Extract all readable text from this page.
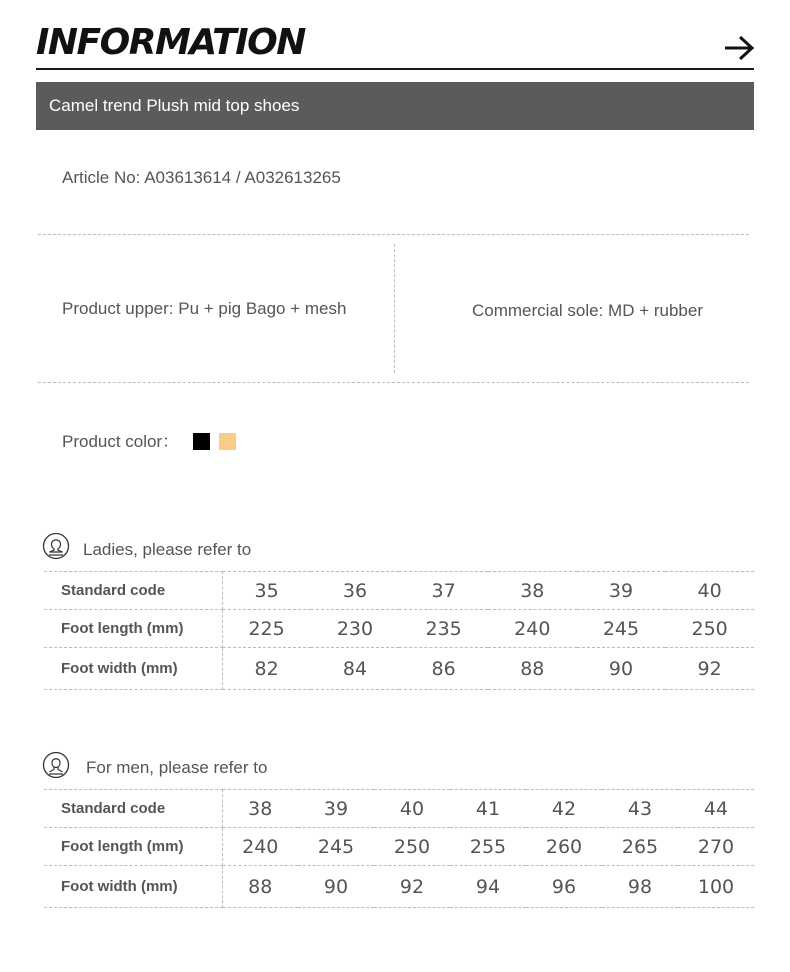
INFORMATION
Camel trend Plush mid top shoes
Article No: A03613614 / A032613265
Product upper: Pu + pig Bago + mesh	Commercial sole: MD + rubber
Product color：
Ladies, please refer to
Standard code	35	36	37	38	39	40
Foot length (mm)	225	230	235	240	245	250
Foot width (mm)	82	84	86	88	90	92
For men, please refer to
Standard code	38	39	40	41	42	43	44
Foot length (mm)	240	245	250	255	260	265	270
Foot width (mm)	88	90	92	94	96	98	100
